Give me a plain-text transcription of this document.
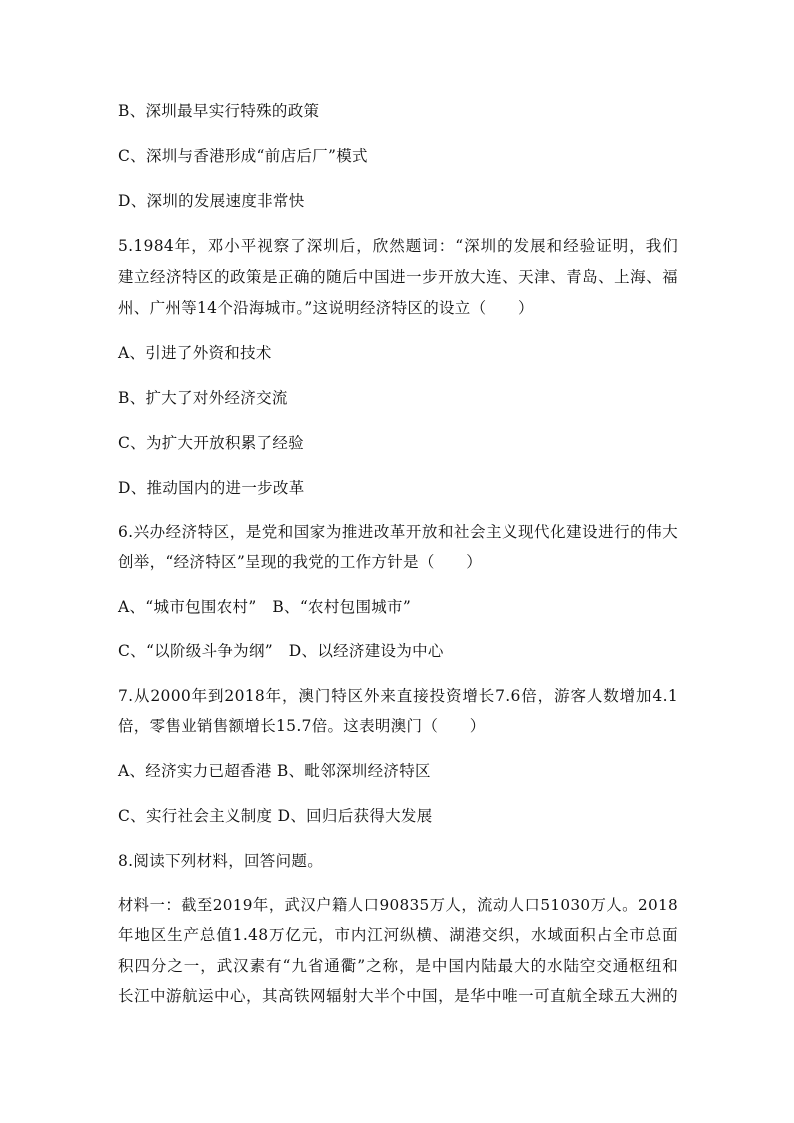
B、深圳最早实行特殊的政策
C、深圳与香港形成“前店后厂”模式
D、深圳的发展速度非常快
5.1984年，邓小平视察了深圳后，欣然题词：“深圳的发展和经验证明，我们
建立经济特区的政策是正确的随后中国进一步开放大连、天津、青岛、上海、福
州、广州等14个沿海城市。”这说明经济特区的设立（　　）
A、引进了外资和技术
B、扩大了对外经济交流
C、为扩大开放积累了经验
D、推动国内的进一步改革
6.兴办经济特区，是党和国家为推进改革开放和社会主义现代化建设进行的伟大
创举，“经济特区”呈现的我党的工作方针是（　　）
A、“城市包围农村”　B、“农村包围城市”
C、“以阶级斗争为纲”　D、以经济建设为中心
7.从2000年到2018年，澳门特区外来直接投资增长7.6倍，游客人数增加4.1
倍，零售业销售额增长15.7倍。这表明澳门（　　）
A、经济实力已超香港 B、毗邻深圳经济特区
C、实行社会主义制度 D、回归后获得大发展
8.阅读下列材料，回答问题。
材料一：截至2019年，武汉户籍人口90835万人，流动人口51030万人。2018
年地区生产总值1.48万亿元，市内江河纵横、湖港交织，水域面积占全市总面
积四分之一，武汉素有“九省通衢”之称，是中国内陆最大的水陆空交通枢纽和
长江中游航运中心，其高铁网辐射大半个中国，是华中唯一可直航全球五大洲的
